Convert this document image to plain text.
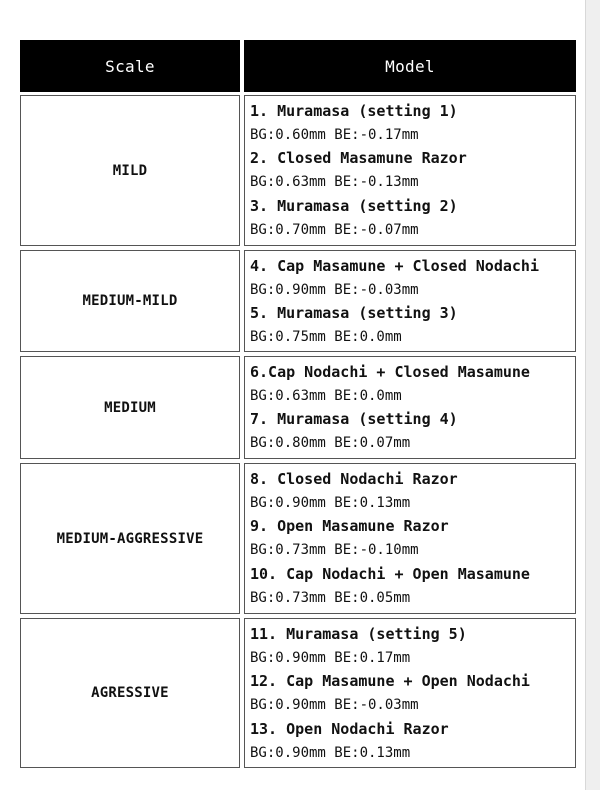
Scale	Model
MILD
1. Muramasa (setting 1)
BG:0.60mm BE:-0.17mm
2. Closed Masamune Razor
BG:0.63mm BE:-0.13mm
3. Muramasa (setting 2)
BG:0.70mm BE:-0.07mm
MEDIUM-MILD
4. Cap Masamune + Closed Nodachi
BG:0.90mm BE:-0.03mm
5. Muramasa (setting 3)
BG:0.75mm BE:0.0mm
MEDIUM
6.Cap Nodachi + Closed Masamune
BG:0.63mm BE:0.0mm
7. Muramasa (setting 4)
BG:0.80mm BE:0.07mm
MEDIUM-AGGRESSIVE
8. Closed Nodachi Razor
BG:0.90mm BE:0.13mm
9. Open Masamune Razor
BG:0.73mm BE:-0.10mm
10. Cap Nodachi + Open Masamune
BG:0.73mm BE:0.05mm
AGRESSIVE
11. Muramasa (setting 5)
BG:0.90mm BE:0.17mm
12. Cap Masamune + Open Nodachi
BG:0.90mm BE:-0.03mm
13. Open Nodachi Razor
BG:0.90mm BE:0.13mm
